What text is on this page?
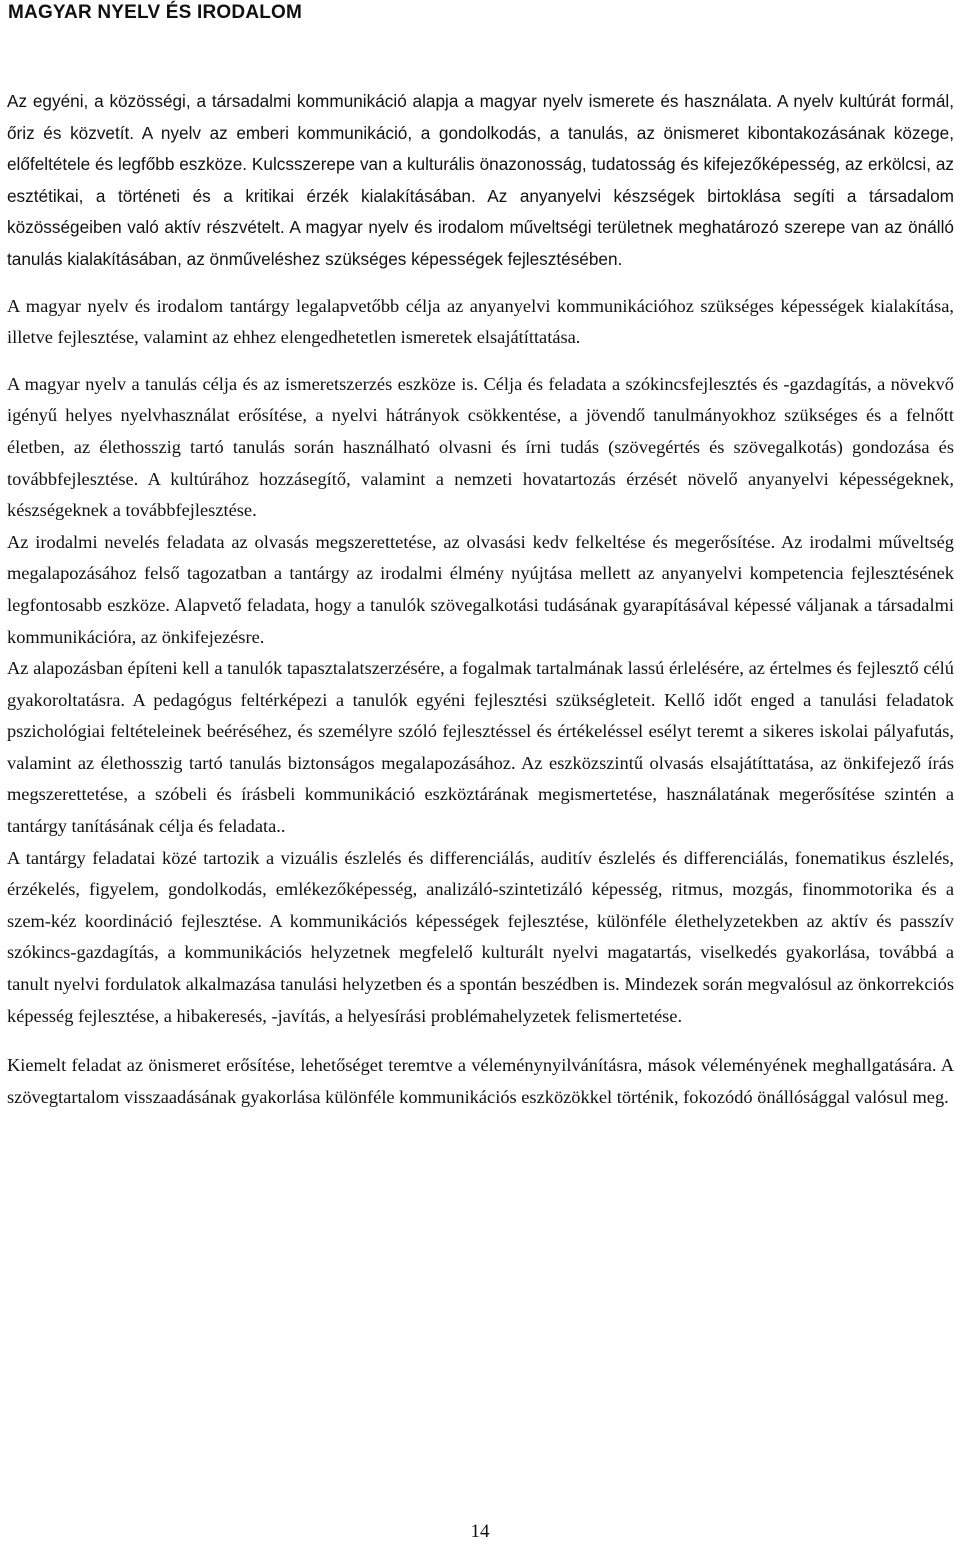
MAGYAR NYELV ÉS IRODALOM

Az egyéni, a közösségi, a társadalmi kommunikáció alapja a magyar nyelv ismerete és használata. A nyelv kultúrát formál, őriz és közvetít. A nyelv az emberi kommunikáció, a gondolkodás, a tanulás, az önismeret kibontakozásának közege, előfeltétele és legfőbb eszköze. Kulcsszerepe van a kulturális önazonosság, tudatosság és kifejezőképesség, az erkölcsi, az esztétikai, a történeti és a kritikai érzék kialakításában. Az anyanyelvi készségek birtoklása segíti a társadalom közösségeiben való aktív részvételt. A magyar nyelv és irodalom műveltségi területnek meghatározó szerepe van az önálló tanulás kialakításában, az önműveléshez szükséges képességek fejlesztésében.

A magyar nyelv és irodalom tantárgy legalapvetőbb célja az anyanyelvi kommunikációhoz szükséges képességek kialakítása, illetve fejlesztése, valamint az ehhez elengedhetetlen ismeretek elsajátíttatása.

A magyar nyelv a tanulás célja és az ismeretszerzés eszköze is. Célja és feladata a szókincsfejlesztés és -gazdagítás, a növekvő igényű helyes nyelvhasználat erősítése, a nyelvi hátrányok csökkentése, a jövendő tanulmányokhoz szükséges és a felnőtt életben, az élethosszig tartó tanulás során használható olvasni és írni tudás (szövegértés és szövegalkotás) gondozása és továbbfejlesztése. A kultúrához hozzásegítő, valamint a nemzeti hovatartozás érzését növelő anyanyelvi képességeknek, készségeknek a továbbfejlesztése.

Az irodalmi nevelés feladata az olvasás megszerettetése, az olvasási kedv felkeltése és megerősítése. Az irodalmi műveltség megalapozásához felső tagozatban a tantárgy az irodalmi élmény nyújtása mellett az anyanyelvi kompetencia fejlesztésének legfontosabb eszköze. Alapvető feladata, hogy a tanulók szövegalkotási tudásának gyarapításával képessé váljanak a társadalmi kommunikációra, az önkifejezésre.

Az alapozásban építeni kell a tanulók tapasztalatszerzésére, a fogalmak tartalmának lassú érlelésére, az értelmes és fejlesztő célú gyakoroltatásra. A pedagógus feltérképezi a tanulók egyéni fejlesztési szükségleteit. Kellő időt enged a tanulási feladatok pszichológiai feltételeinek beéréséhez, és személyre szóló fejlesztéssel és értékeléssel esélyt teremt a sikeres iskolai pályafutás, valamint az élethosszig tartó tanulás biztonságos megalapozásához. Az eszközszintű olvasás elsajátíttatása, az önkifejező írás megszerettetése, a szóbeli és írásbeli kommunikáció eszköztárának megismertetése, használatának megerősítése szintén a tantárgy tanításának célja és feladata..

A tantárgy feladatai közé tartozik a vizuális észlelés és differenciálás, auditív észlelés és differenciálás, fonematikus észlelés, érzékelés, figyelem, gondolkodás, emlékezőképesség, analizáló-szintetizáló képesség, ritmus, mozgás, finommotorika és a szem-kéz koordináció fejlesztése. A kommunikációs képességek fejlesztése, különféle élethelyzetekben az aktív és passzív szókincs-gazdagítás, a kommunikációs helyzetnek megfelelő kulturált nyelvi magatartás, viselkedés gyakorlása, továbbá a tanult nyelvi fordulatok alkalmazása tanulási helyzetben és a spontán beszédben is. Mindezek során megvalósul az önkorrekciós képesség fejlesztése, a hibakeresés, -javítás, a helyesírási problémahelyzetek felismertetése.

Kiemelt feladat az önismeret erősítése, lehetőséget teremtve a véleménynyilvánításra, mások véleményének meghallgatására. A szövegtartalom visszaadásának gyakorlása különféle kommunikációs eszközökkel történik, fokozódó önállósággal valósul meg.

14
